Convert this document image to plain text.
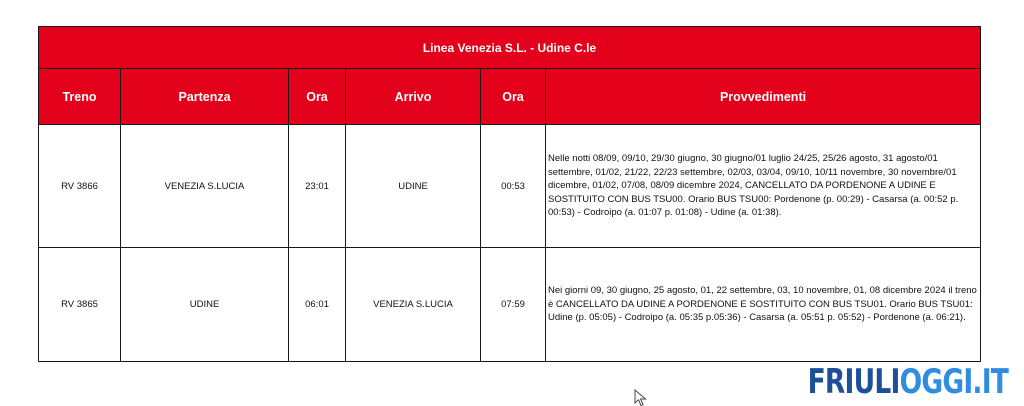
Linea Venezia S.L. - Udine C.le					
Treno	Partenza	Ora	Arrivo	Ora	Provvedimenti
RV 3866	VENEZIA S.LUCIA	23:01	UDINE	00:53	Nelle notti 08/09, 09/10, 29/30 giugno, 30 giugno/01 luglio 24/25, 25/26 agosto, 31 agosto/01 settembre, 01/02, 21/22, 22/23 settembre, 02/03, 03/04, 09/10, 10/11 novembre, 30 novembre/01 dicembre, 01/02, 07/08, 08/09 dicembre 2024, CANCELLATO DA PORDENONE A UDINE E SOSTITUITO CON BUS TSU00. Orario BUS TSU00: Pordenone (p. 00:29) - Casarsa (a. 00:52 p. 00:53) - Codroipo (a. 01:07 p. 01:08) - Udine (a. 01:38).
RV 3865	UDINE	06:01	VENEZIA S.LUCIA	07:59	Nei giorni 09, 30 giugno, 25 agosto, 01, 22 settembre, 03, 10 novembre, 01, 08 dicembre 2024 il treno è CANCELLATO DA UDINE A PORDENONE E SOSTITUITO CON BUS TSU01. Orario BUS TSU01: Udine (p. 05:05) - Codroipo (a. 05:35 p.05:36) - Casarsa (a. 05:51 p. 05:52) - Pordenone (a. 06:21).
FRIULIOGGI.IT
